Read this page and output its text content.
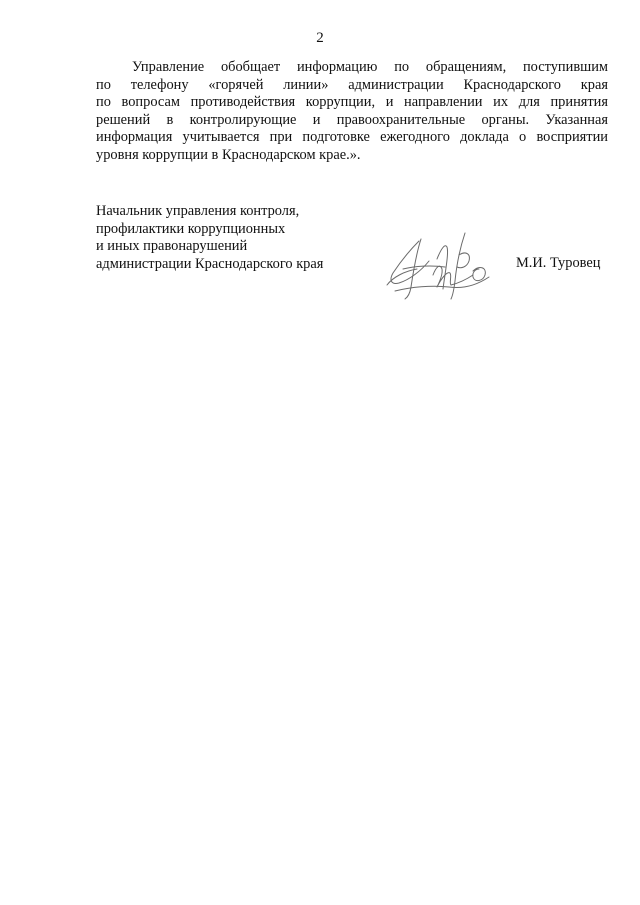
2
Управление обобщает информацию по обращениям, поступившим
по телефону «горячей линии» администрации Краснодарского края
по вопросам противодействия коррупции, и направлении их для принятия
решений в контролирующие и правоохранительные органы. Указанная
информация учитывается при подготовке ежегодного доклада о восприятии
уровня коррупции в Краснодарском крае.».
Начальник управления контроля,
профилактики коррупционных
и иных правонарушений
администрации Краснодарского края	М.И. Туровец
